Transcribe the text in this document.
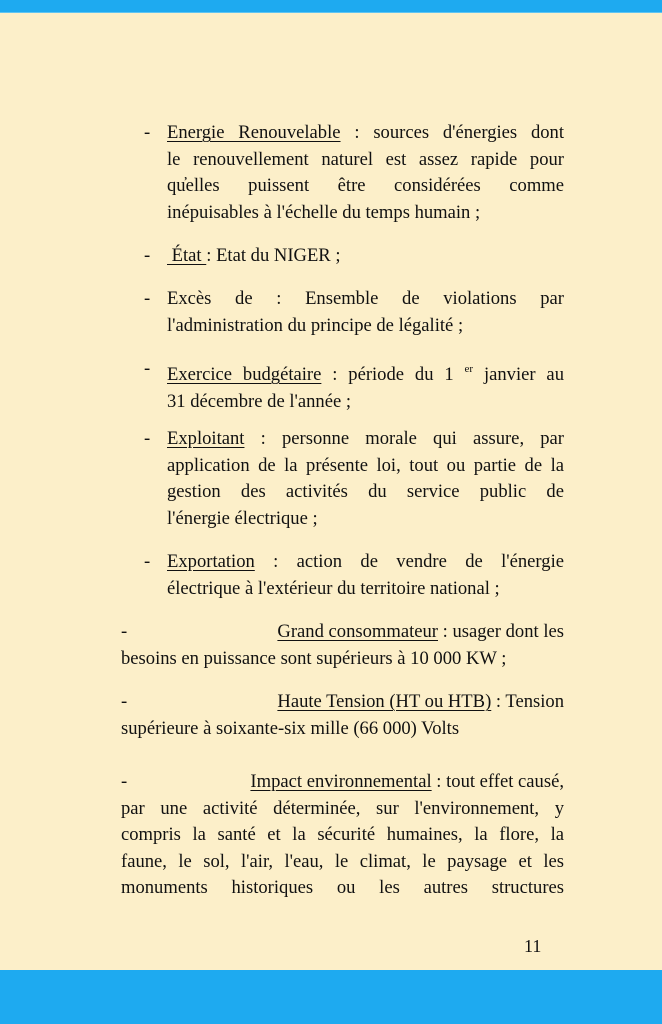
- Energie Renouvelable : sources d'énergies dont

le renouvellement naturel est assez rapide pour

qu̓elles puissent être considérées comme

inépuisables à l'échelle du temps humain ;

- État : Etat du NIGER ;

- Excès de : Ensemble de violations par

l'administration du principe de légalité ;

- Exercice budgétaire : période du 1 $^{er}$ janvier au

31 décembre de l'année ;

- Exploitant : personne morale qui assure, par

application de la présente loi, tout ou partie de la

gestion des activités du service public de

l'énergie électrique ;

- Exportation : action de vendre de l'énergie

électrique à l'extérieur du territoire national ;

-	Grand consommateur : usager dont les

besoins en puissance sont supérieurs à 10 000 KW ;

-	Haute Tension (HT ou HTB) : Tension

supérieure à soixante-six mille (66 000) Volts

-	Impact environnemental : tout effet causé,

par une activité déterminée, sur l'environnement, y

compris la santé et la sécurité humaines, la flore, la

faune, le sol, l'air, l'eau, le climat, le paysage et les

monuments historiques ou les autres structures

11
